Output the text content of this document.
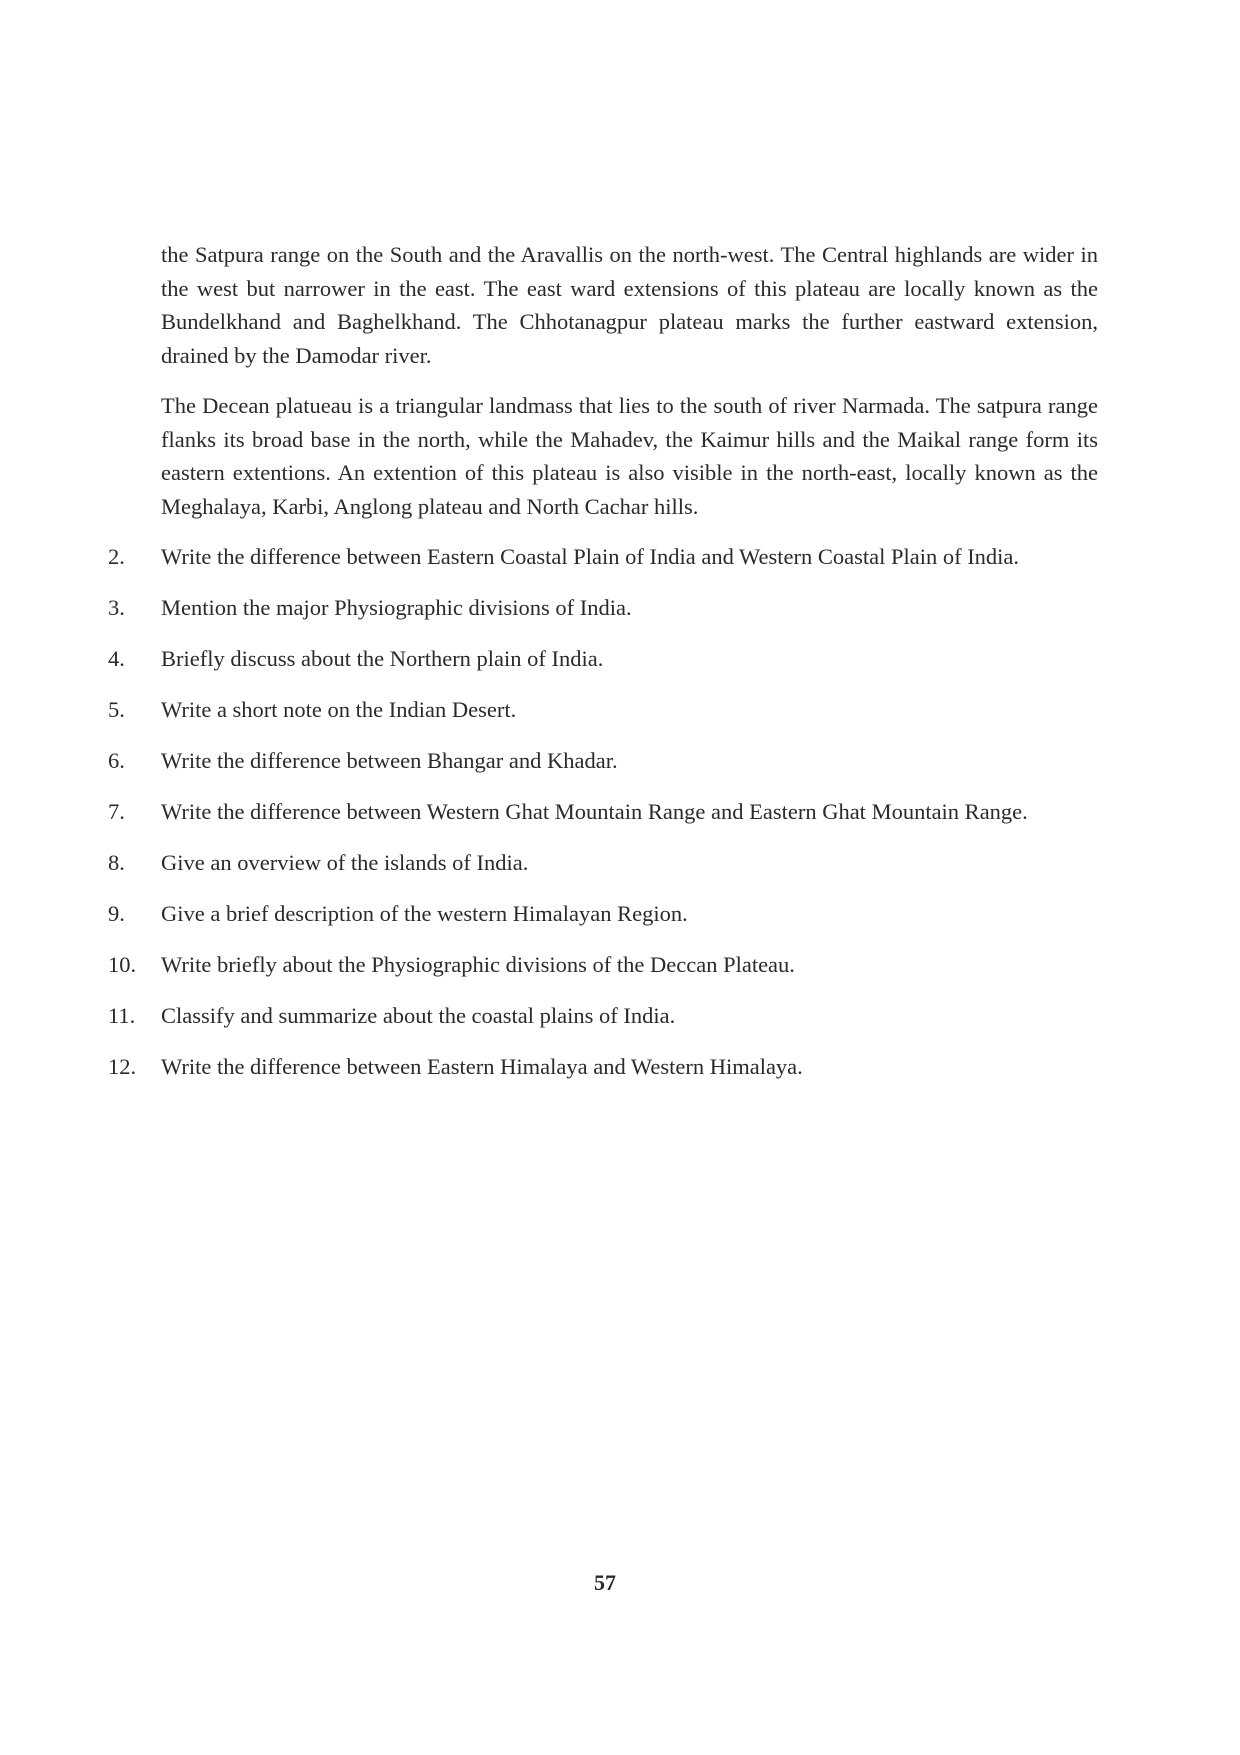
the Satpura range on the South and the Aravallis on the north-west. The Central highlands are wider in the west but narrower in the east. The east ward extensions of this plateau are locally known as the Bundelkhand and Baghelkhand. The Chhotanagpur plateau marks the further eastward extension, drained by the Damodar river.

The Decean platueau is a triangular landmass that lies to the south of river Narmada. The satpura range flanks its broad base in the north, while the Mahadev, the Kaimur hills and the Maikal range form its eastern extentions. An extention of this plateau is also visible in the north-east, locally known as the Meghalaya, Karbi, Anglong plateau and North Cachar hills.

2.	Write the difference between Eastern Coastal Plain of India and Western Coastal Plain of India.
3.	Mention the major Physiographic divisions of India.
4.	Briefly discuss about the Northern plain of India.
5.	Write a short note on the Indian Desert.
6.	Write the difference between Bhangar and Khadar.
7.	Write the difference between Western Ghat Mountain Range and Eastern Ghat Mountain Range.
8.	Give an overview of the islands of India.
9.	Give a brief description of the western Himalayan Region.
10.	Write briefly about the Physiographic divisions of the Deccan Plateau.
11.	Classify and summarize about the coastal plains of India.
12.	Write the difference between Eastern Himalaya and Western Himalaya.
57
